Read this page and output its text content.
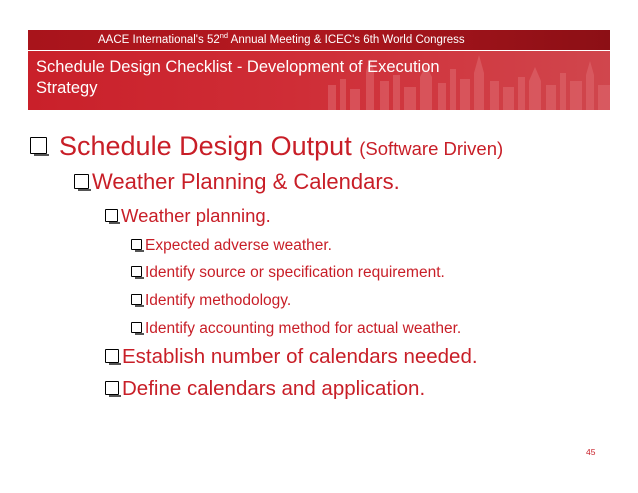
AACE International's 52nd Annual Meeting & ICEC's 6th World Congress
Schedule Design Checklist - Development of Execution
Strategy
Schedule Design Output (Software Driven)
Weather Planning & Calendars.
Weather planning.
Expected adverse weather.
Identify source or specification requirement.
Identify methodology.
Identify accounting method for actual weather.
Establish number of calendars needed.
Define calendars and application.
45
